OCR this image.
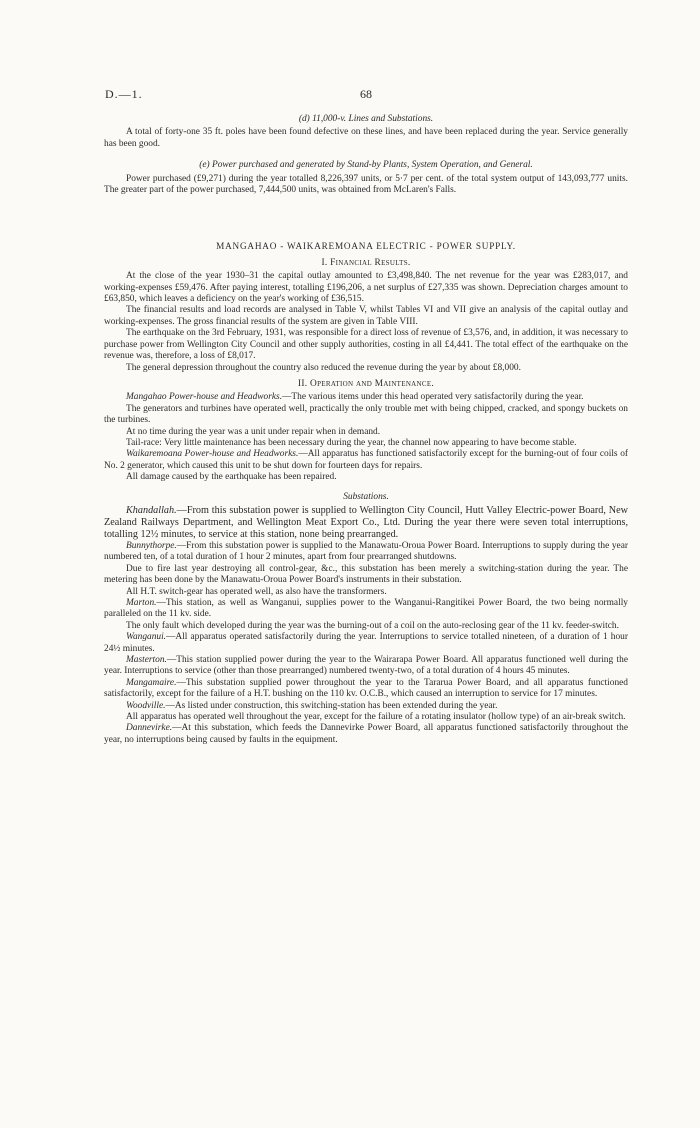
D.—1.	68
(d) 11,000-v. Lines and Substations.

A total of forty-one 35 ft. poles have been found defective on these lines, and have been replaced during the year. Service generally has been good.

(e) Power purchased and generated by Stand-by Plants, System Operation, and General.

Power purchased (£9,271) during the year totalled 8,226,397 units, or 5·7 per cent. of the total system output of 143,093,777 units. The greater part of the power purchased, 7,444,500 units, was obtained from McLaren's Falls.

MANGAHAO - WAIKAREMOANA ELECTRIC - POWER SUPPLY.
I. Financial Results.

At the close of the year 1930–31 the capital outlay amounted to £3,498,840. The net revenue for the year was £283,017, and working-expenses £59,476. After paying interest, totalling £196,206, a net surplus of £27,335 was shown. Depreciation charges amount to £63,850, which leaves a deficiency on the year's working of £36,515.

The financial results and load records are analysed in Table V, whilst Tables VI and VII give an analysis of the capital outlay and working-expenses. The gross financial results of the system are given in Table VIII.

The earthquake on the 3rd February, 1931, was responsible for a direct loss of revenue of £3,576, and, in addition, it was necessary to purchase power from Wellington City Council and other supply authorities, costing in all £4,441. The total effect of the earthquake on the revenue was, therefore, a loss of £8,017.

The general depression throughout the country also reduced the revenue during the year by about £8,000.

II. Operation and Maintenance.

Mangahao Power-house and Headworks.—The various items under this head operated very satisfactorily during the year.

The generators and turbines have operated well, practically the only trouble met with being chipped, cracked, and spongy buckets on the turbines.

At no time during the year was a unit under repair when in demand.

Tail-race: Very little maintenance has been necessary during the year, the channel now appearing to have become stable.

Waikaremoana Power-house and Headworks.—All apparatus has functioned satisfactorily except for the burning-out of four coils of No. 2 generator, which caused this unit to be shut down for fourteen days for repairs.

All damage caused by the earthquake has been repaired.

Substations.

Khandallah.—From this substation power is supplied to Wellington City Council, Hutt Valley Electric-power Board, New Zealand Railways Department, and Wellington Meat Export Co., Ltd. During the year there were seven total interruptions, totalling 12½ minutes, to service at this station, none being prearranged.

Bunnythorpe.—From this substation power is supplied to the Manawatu-Oroua Power Board. Interruptions to supply during the year numbered ten, of a total duration of 1 hour 2 minutes, apart from four prearranged shutdowns.

Due to fire last year destroying all control-gear, &c., this substation has been merely a switching-station during the year. The metering has been done by the Manawatu-Oroua Power Board's instruments in their substation.

All H.T. switch-gear has operated well, as also have the transformers.

Marton.—This station, as well as Wanganui, supplies power to the Wanganui-Rangitikei Power Board, the two being normally paralleled on the 11 kv. side.

The only fault which developed during the year was the burning-out of a coil on the auto-reclosing gear of the 11 kv. feeder-switch.

Wanganui.—All apparatus operated satisfactorily during the year. Interruptions to service totalled nineteen, of a duration of 1 hour 24½ minutes.

Masterton.—This station supplied power during the year to the Wairarapa Power Board. All apparatus functioned well during the year. Interruptions to service (other than those prearranged) numbered twenty-two, of a total duration of 4 hours 45 minutes.

Mangamaire.—This substation supplied power throughout the year to the Tararua Power Board, and all apparatus functioned satisfactorily, except for the failure of a H.T. bushing on the 110 kv. O.C.B., which caused an interruption to service for 17 minutes.

Woodville.—As listed under construction, this switching-station has been extended during the year.

All apparatus has operated well throughout the year, except for the failure of a rotating insulator (hollow type) of an air-break switch.

Dannevirke.—At this substation, which feeds the Dannevirke Power Board, all apparatus functioned satisfactorily throughout the year, no interruptions being caused by faults in the equipment.
